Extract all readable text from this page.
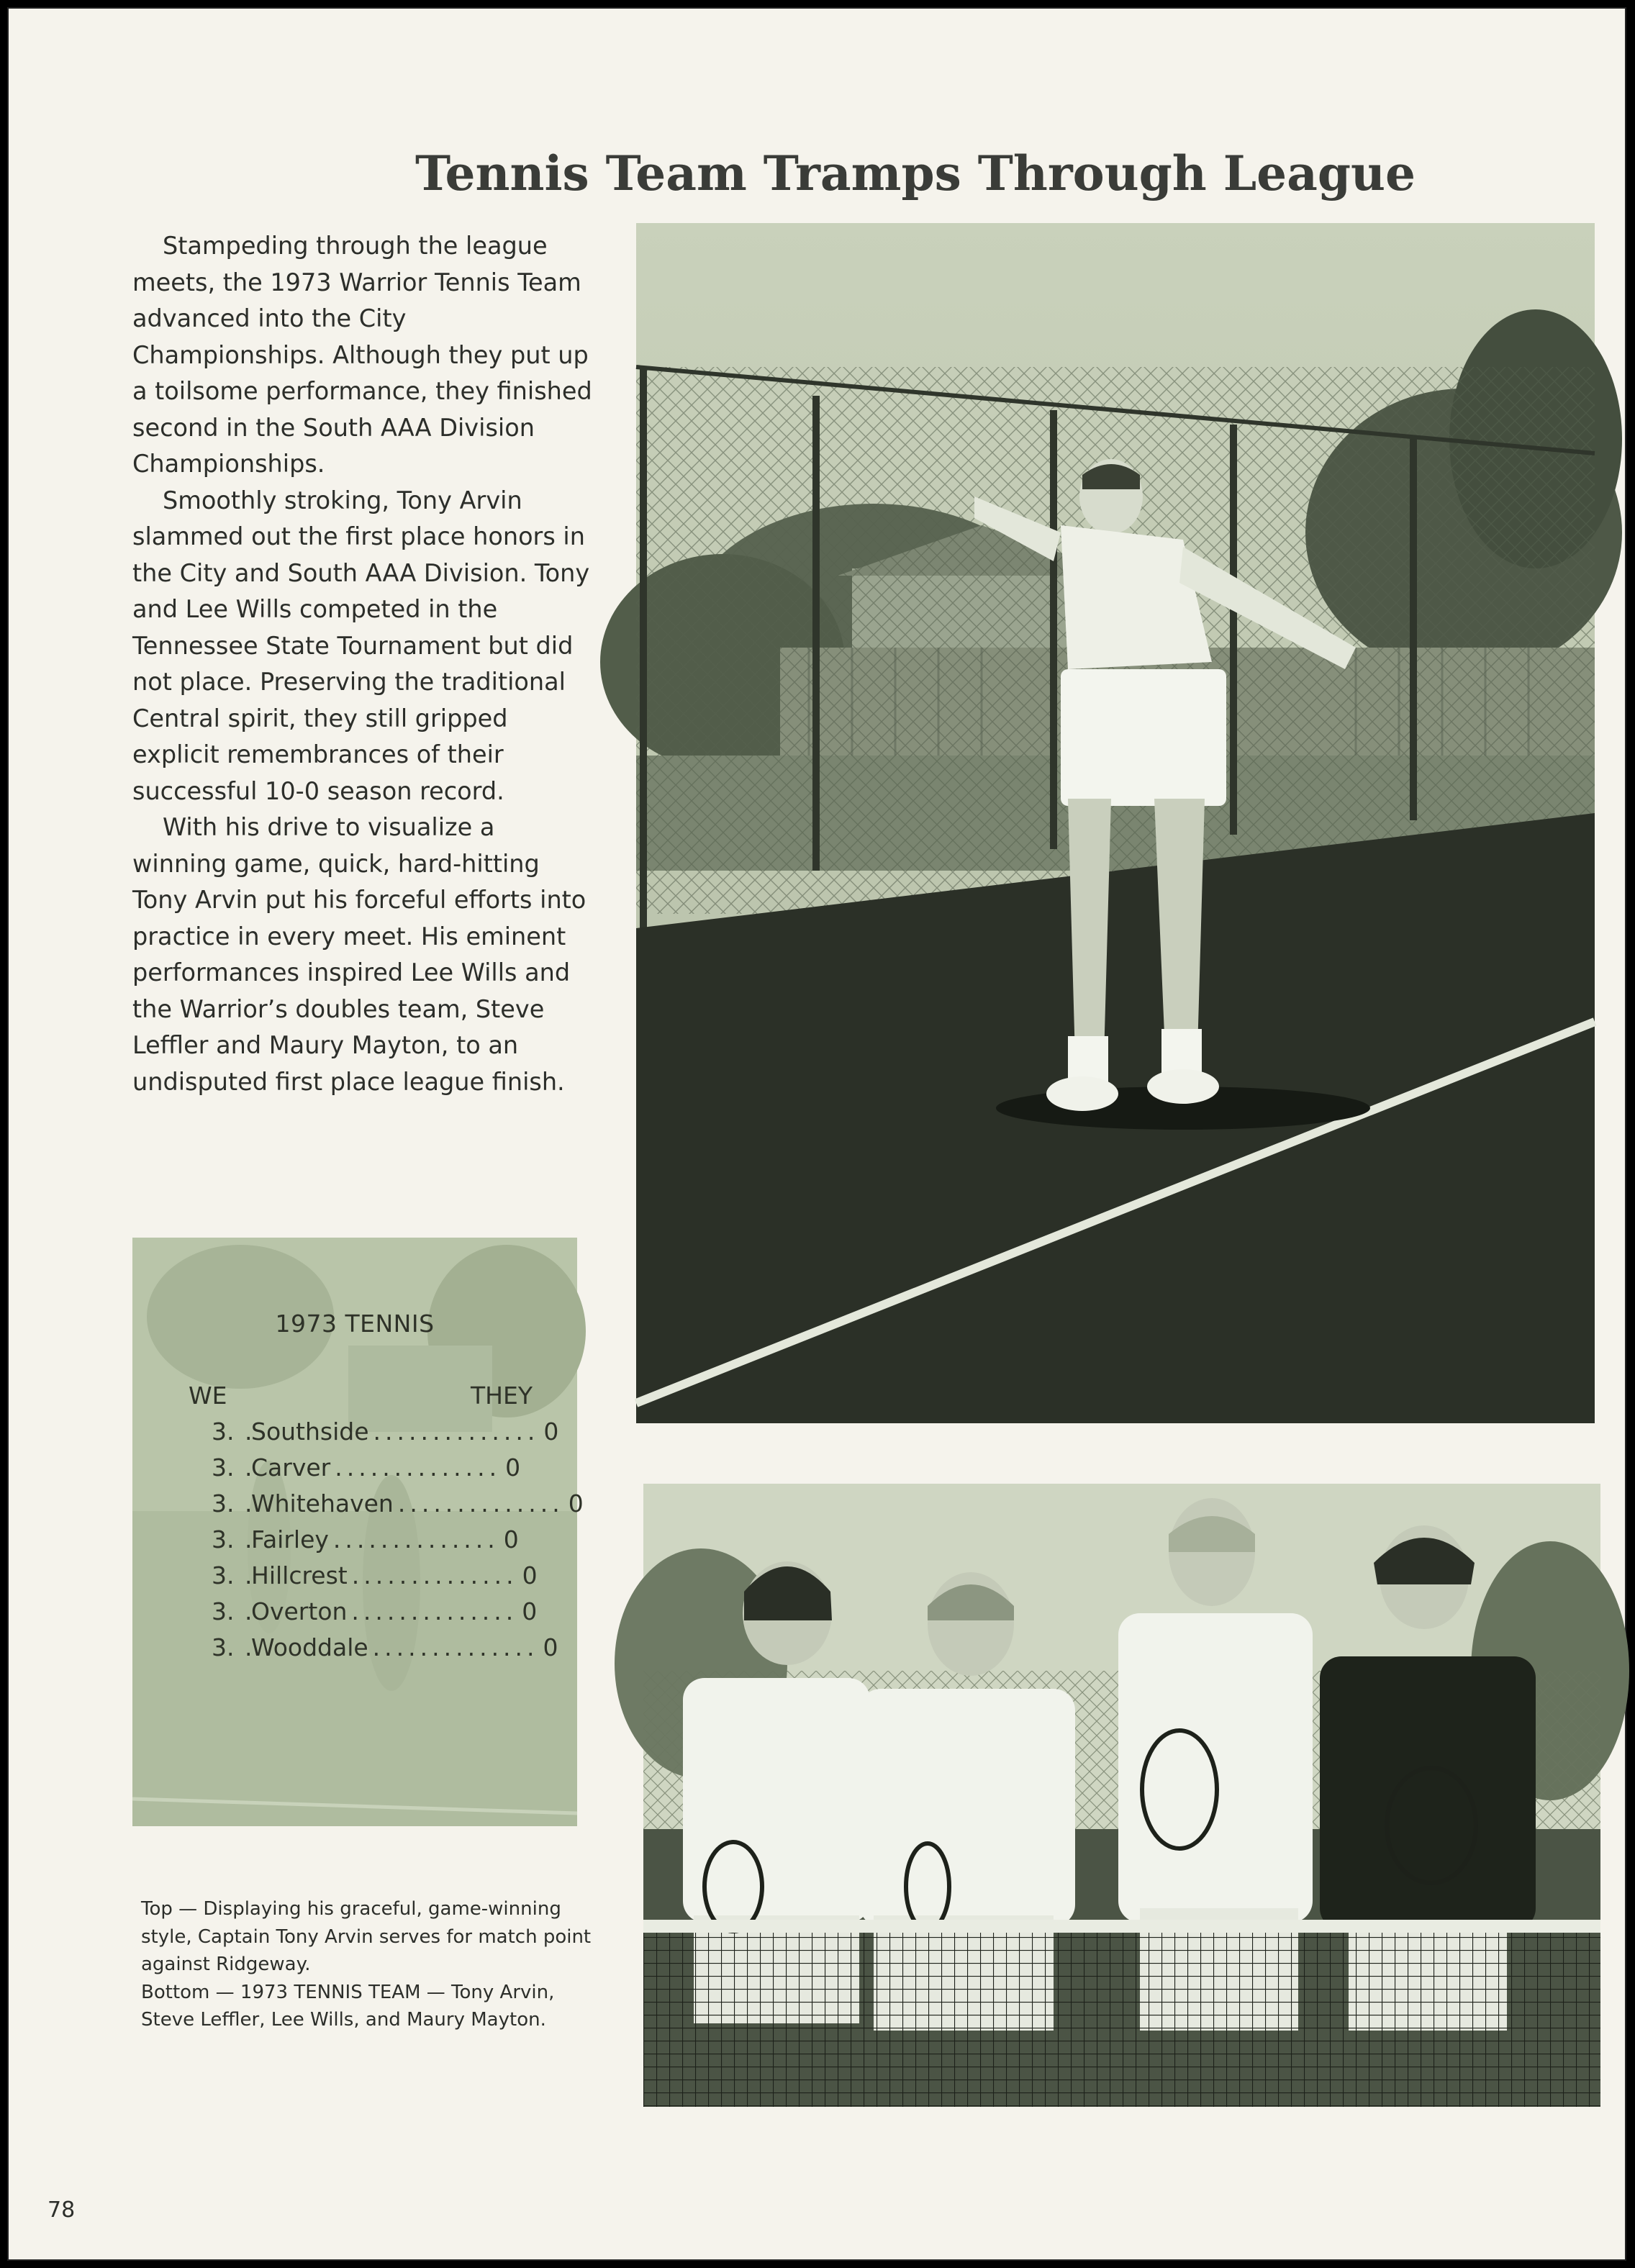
Tennis Team Tramps Through League

Stampeding through the league meets, the 1973 Warrior Tennis Team advanced into the City Championships. Although they put up a toilsome performance, they finished second in the South AAA Division Championships.

Smoothly stroking, Tony Arvin slammed out the first place honors in the City and South AAA Division. Tony and Lee Wills competed in the Tennessee State Tournament but did not place. Preserving the traditional Central spirit, they still gripped explicit remembrances of their successful 10-0 season record.

With his drive to visualize a winning game, quick, hard-hitting Tony Arvin put his forceful efforts into practice in every meet. His eminent performances inspired Lee Wills and the Warrior’s doubles team, Steve Leffler and Maury Mayton, to an undisputed first place league finish.

1973 TENNIS
WE	THEY
3 . .
Southside .............. 0
3 . .
Carver .............. 0
3 . .
Whitehaven .............. 0
3 . .
Fairley .............. 0
3 . .
Hillcrest .............. 0
3 . .
Overton .............. 0
3 . .
Wooddale .............. 0

Top — Displaying his graceful, game-winning style, Captain Tony Arvin serves for match point against Ridgeway.

Bottom — 1973 TENNIS TEAM — Tony Arvin, Steve Leffler, Lee Wills, and Maury Mayton.

78
